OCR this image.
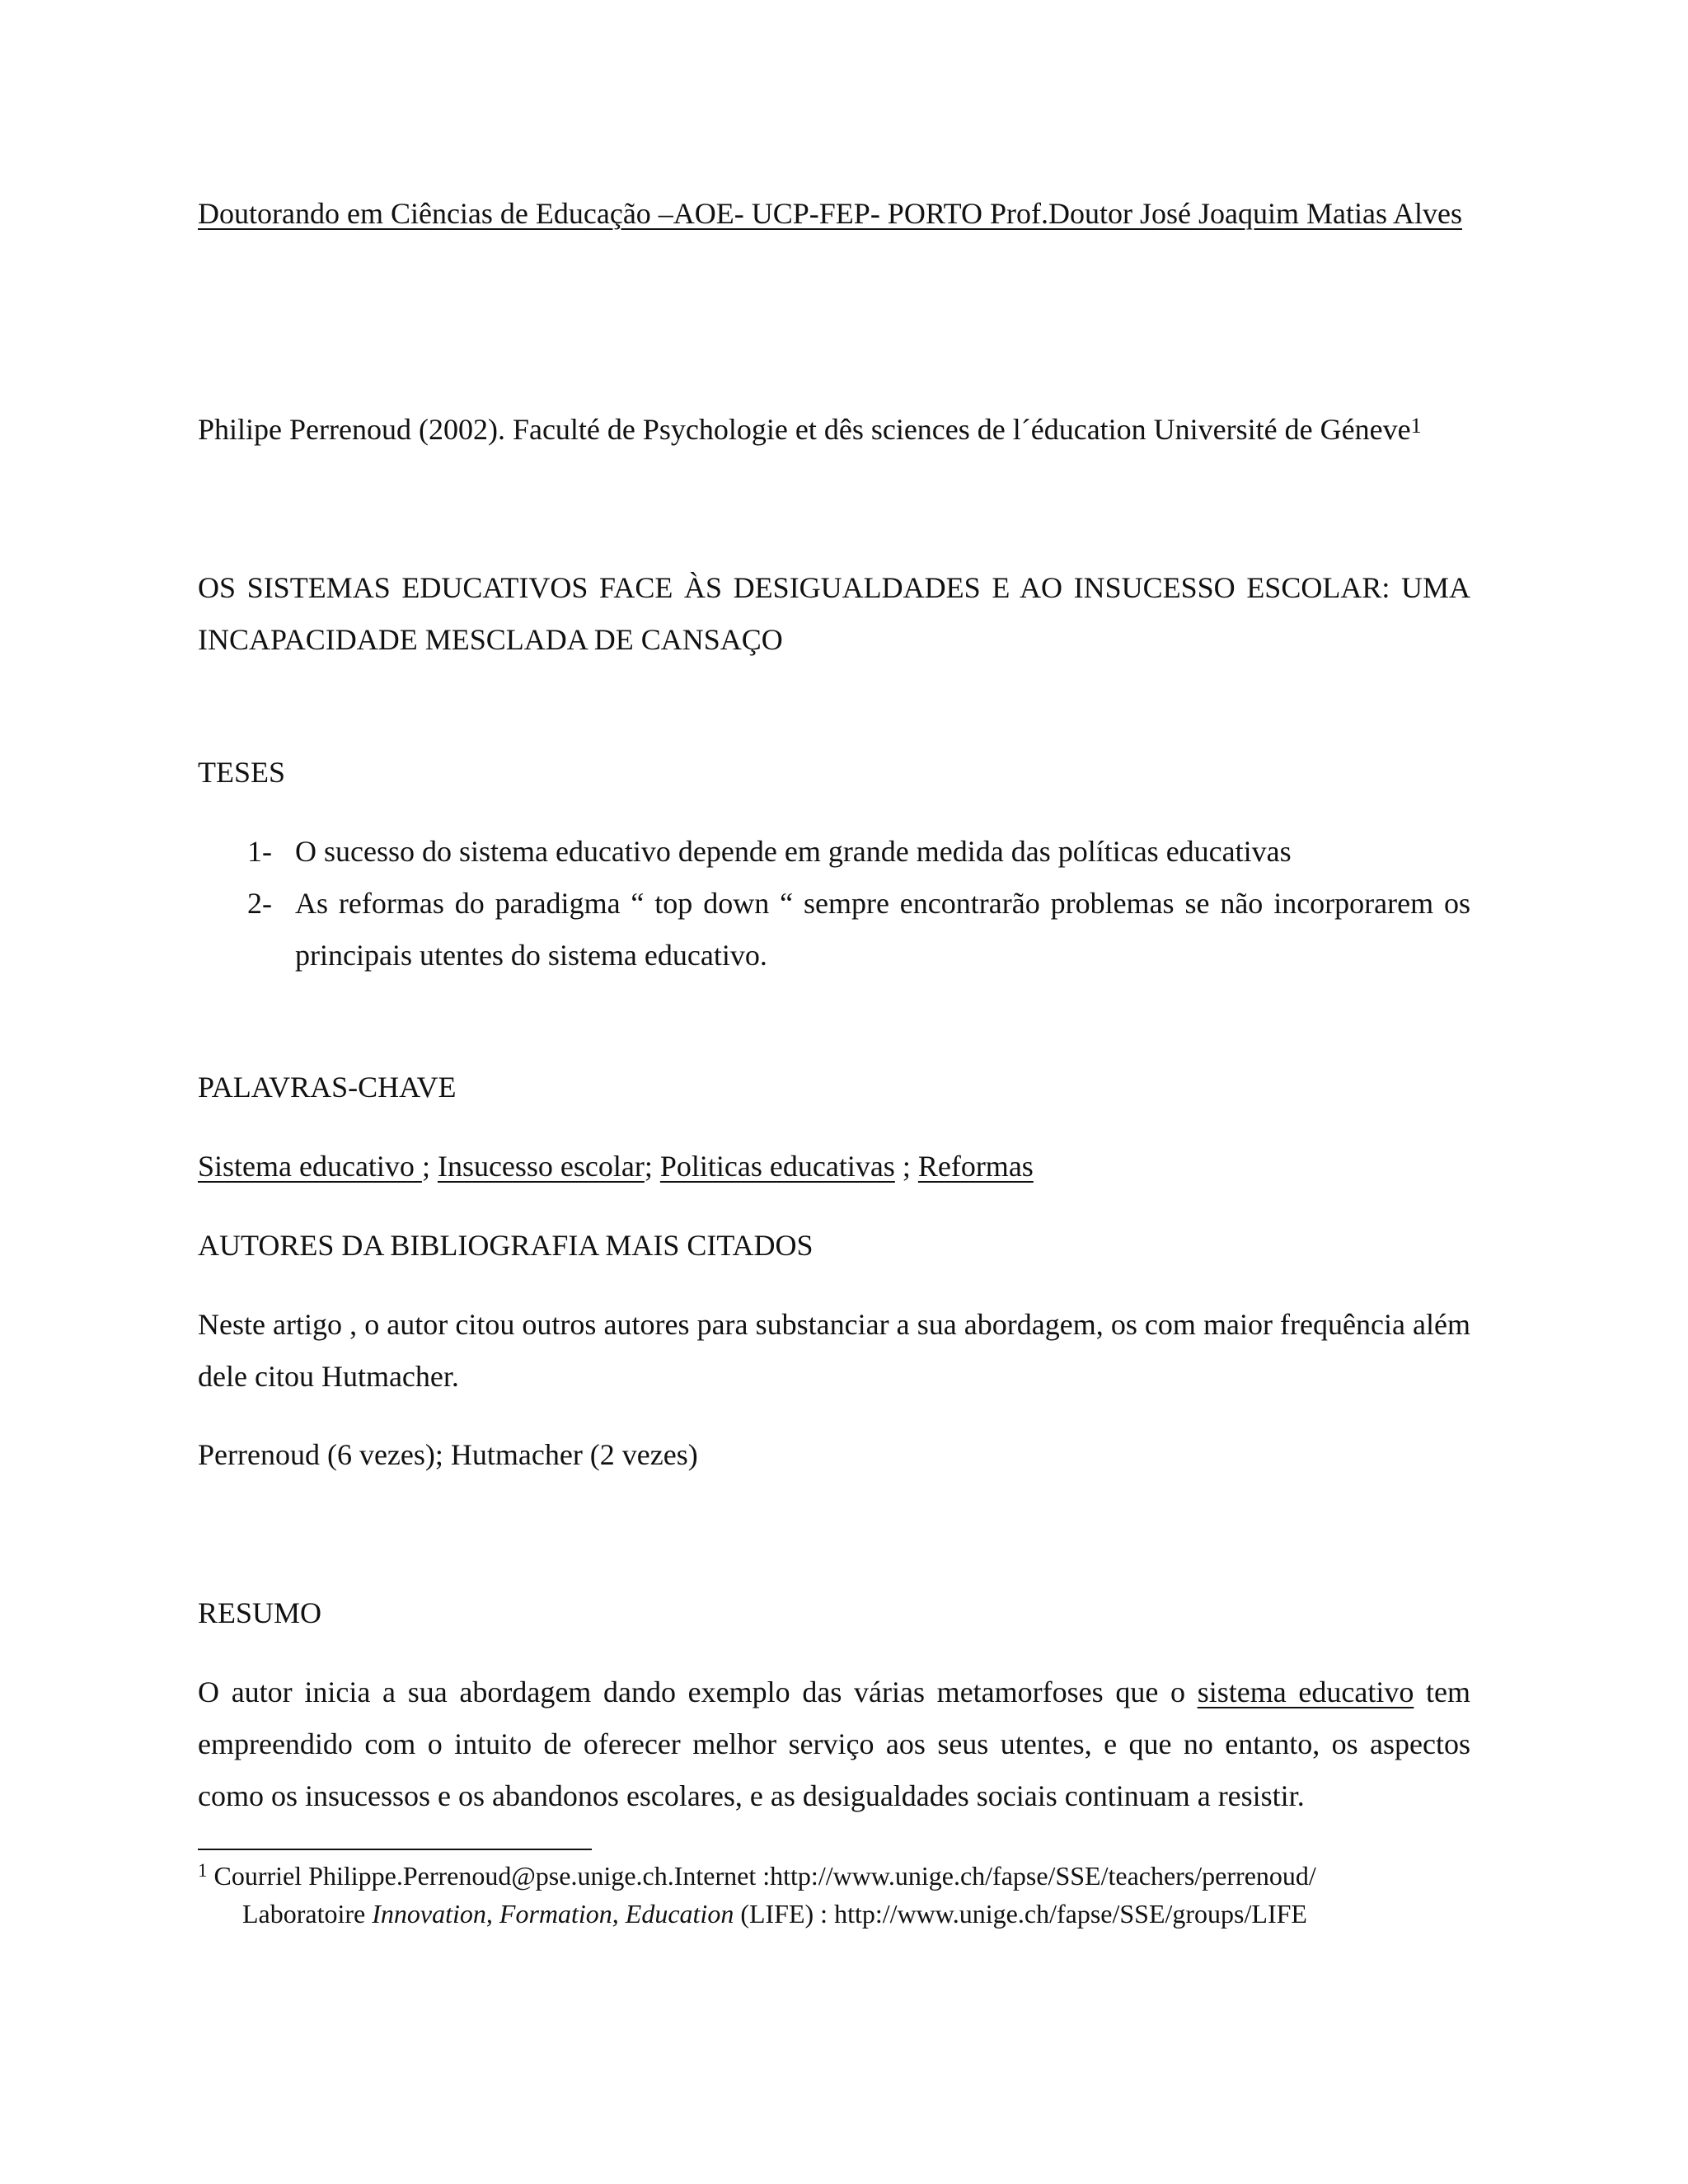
Doutorando em Ciências de Educação –AOE- UCP-FEP- PORTO Prof.Doutor José Joaquim Matias Alves

Philipe Perrenoud (2002). Faculté de Psychologie et dês sciences de l´éducation Université de Géneve$^1$

OS SISTEMAS EDUCATIVOS FACE ÀS DESIGUALDADES E AO INSUCESSO ESCOLAR: UMA INCAPACIDADE MESCLADA DE CANSAÇO

TESES

1- O sucesso do sistema educativo depende em grande medida das políticas educativas
2- As reformas do paradigma “ top down “ sempre encontrarão problemas se não incorporarem os principais utentes do sistema educativo.

PALAVRAS-CHAVE

Sistema educativo ; Insucesso escolar; Politicas educativas ; Reformas

AUTORES DA BIBLIOGRAFIA MAIS CITADOS

Neste artigo , o autor citou outros autores para substanciar a sua abordagem, os com maior frequência além dele citou Hutmacher.

Perrenoud (6 vezes); Hutmacher (2 vezes)

RESUMO

O autor inicia a sua abordagem dando exemplo das várias metamorfoses que o sistema educativo tem empreendido com o intuito de oferecer melhor serviço aos seus utentes, e que no entanto, os aspectos como os insucessos e os abandonos escolares, e as desigualdades sociais continuam a resistir.

$^1$ Courriel Philippe.Perrenoud@pse.unige.ch.Internet :http://www.unige.ch/fapse/SSE/teachers/perrenoud/
Laboratoire Innovation, Formation, Education (LIFE) : http://www.unige.ch/fapse/SSE/groups/LIFE
